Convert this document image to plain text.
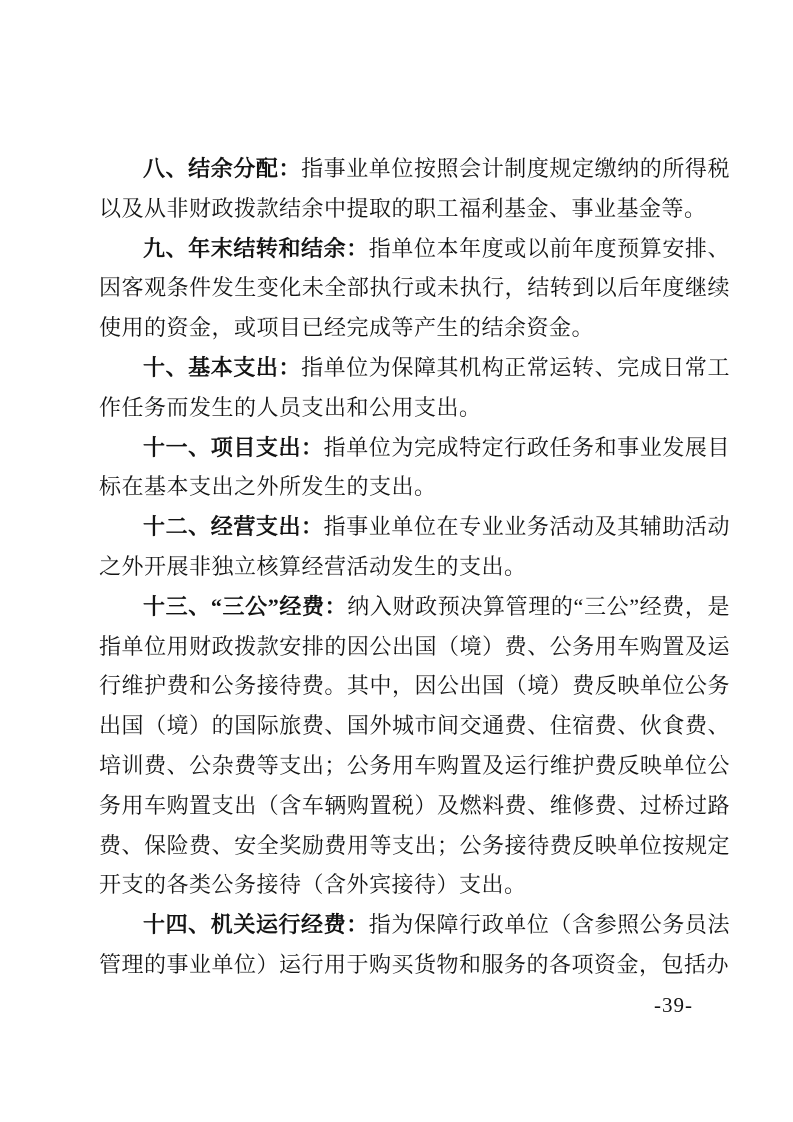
八、结余分配：指事业单位按照会计制度规定缴纳的所得税以及从非财政拨款结余中提取的职工福利基金、事业基金等。

九、年末结转和结余：指单位本年度或以前年度预算安排、因客观条件发生变化未全部执行或未执行，结转到以后年度继续使用的资金，或项目已经完成等产生的结余资金。

十、基本支出：指单位为保障其机构正常运转、完成日常工作任务而发生的人员支出和公用支出。

十一、项目支出：指单位为完成特定行政任务和事业发展目标在基本支出之外所发生的支出。

十二、经营支出：指事业单位在专业业务活动及其辅助活动之外开展非独立核算经营活动发生的支出。

十三、“三公”经费：纳入财政预决算管理的“三公”经费，是指单位用财政拨款安排的因公出国（境）费、公务用车购置及运行维护费和公务接待费。其中，因公出国（境）费反映单位公务出国（境）的国际旅费、国外城市间交通费、住宿费、伙食费、培训费、公杂费等支出；公务用车购置及运行维护费反映单位公务用车购置支出（含车辆购置税）及燃料费、维修费、过桥过路费、保险费、安全奖励费用等支出；公务接待费反映单位按规定开支的各类公务接待（含外宾接待）支出。

十四、机关运行经费：指为保障行政单位（含参照公务员法管理的事业单位）运行用于购买货物和服务的各项资金，包括办

-39-
